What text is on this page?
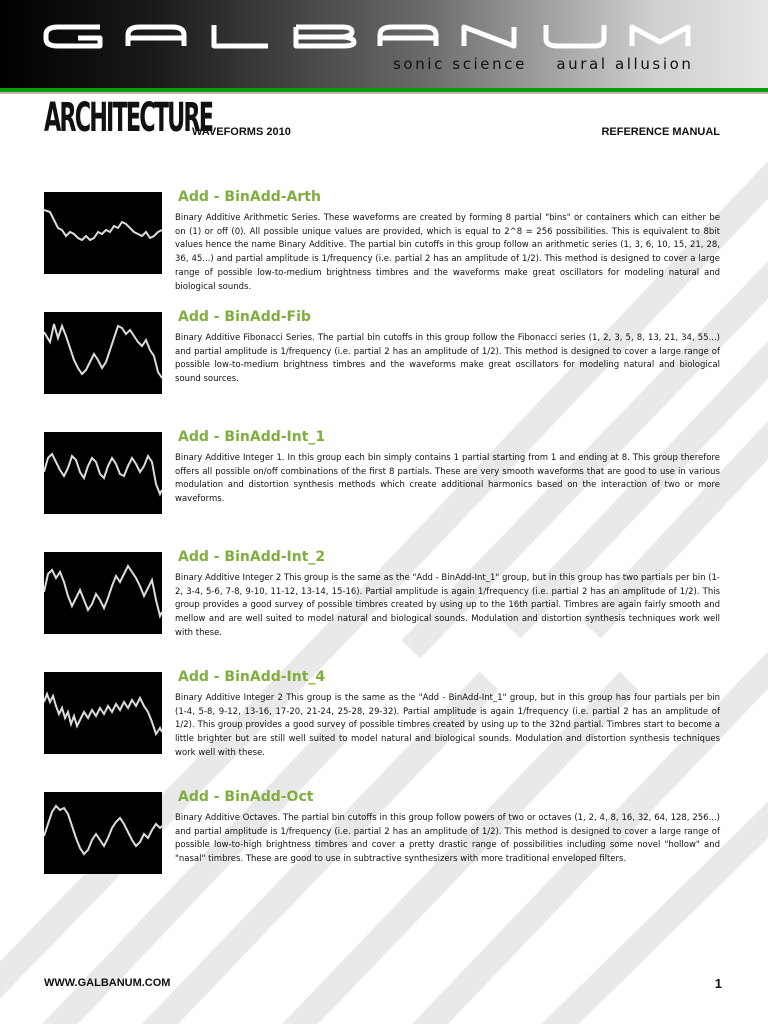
sonic science    aural allusion
ARCHITECTURE
WAVEFORMS 2010	REFERENCE MANUAL
Add - BinAdd-Arth
Binary Additive Arithmetic Series. These waveforms are created by forming 8 partial "bins" or containers which can either be on (1) or off (0). All possible unique values are provided, which is equal to 2^8 = 256 possibilities. This is equivalent to 8bit values hence the name Binary Additive. The partial bin cutoffs in this group follow an arithmetic series (1, 3, 6, 10, 15, 21, 28, 36, 45...) and partial amplitude is 1/frequency (i.e. partial 2 has an amplitude of 1/2). This method is designed to cover a large range of possible low-to-medium brightness timbres and the waveforms make great oscillators for modeling natural and biological sounds.
Add - BinAdd-Fib
Binary Additive Fibonacci Series. The partial bin cutoffs in this group follow the Fibonacci series (1, 2, 3, 5, 8, 13, 21, 34, 55...) and partial amplitude is 1/frequency (i.e. partial 2 has an amplitude of 1/2). This method is designed to cover a large range of possible low-to-medium brightness timbres and the waveforms make great oscillators for modeling natural and biological sound sources.
Add - BinAdd-Int_1
Binary Additive Integer 1. In this group each bin simply contains 1 partial starting from 1 and ending at 8. This group therefore offers all possible on/off combinations of the first 8 partials. These are very smooth waveforms that are good to use in various modulation and distortion synthesis methods which create additional harmonics based on the interaction of two or more waveforms.
Add - BinAdd-Int_2
Binary Additive Integer 2 This group is the same as the "Add - BinAdd-Int_1" group, but in this group has two partials per bin (1-2, 3-4, 5-6, 7-8, 9-10, 11-12, 13-14, 15-16). Partial amplitude is again 1/frequency (i.e. partial 2 has an amplitude of 1/2). This group provides a good survey of possible timbres created by using up to the 16th partial. Timbres are again fairly smooth and mellow and are well suited to model natural and biological sounds. Modulation and distortion synthesis techniques work well with these.
Add - BinAdd-Int_4
Binary Additive Integer 2 This group is the same as the "Add - BinAdd-Int_1" group, but in this group has four partials per bin (1-4, 5-8, 9-12, 13-16, 17-20, 21-24, 25-28, 29-32). Partial amplitude is again 1/frequency (i.e. partial 2 has an amplitude of 1/2). This group provides a good survey of possible timbres created by using up to the 32nd partial. Timbres start to become a little brighter but are still well suited to model natural and biological sounds. Modulation and distortion synthesis techniques work well with these.
Add - BinAdd-Oct
Binary Additive Octaves. The partial bin cutoffs in this group follow powers of two or octaves (1, 2, 4, 8, 16, 32, 64, 128, 256...) and partial amplitude is 1/frequency (i.e. partial 2 has an amplitude of 1/2). This method is designed to cover a large range of possible low-to-high brightness timbres and cover a pretty drastic range of possibilities including some novel "hollow" and "nasal" timbres. These are good to use in subtractive synthesizers with more traditional enveloped filters.
WWW.GALBANUM.COM	1
